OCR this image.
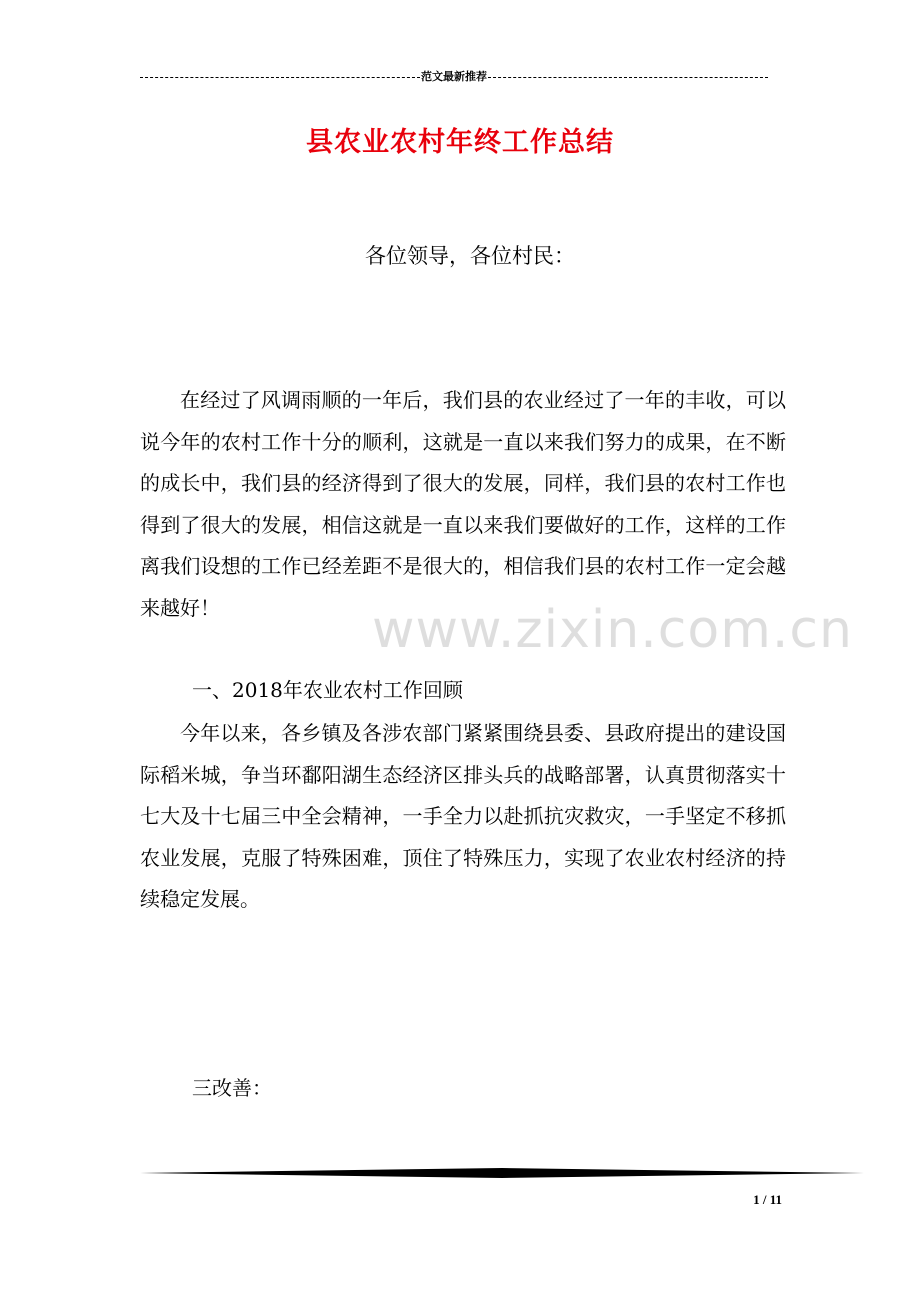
范文最新推荐
县农业农村年终工作总结

各位领导，各位村民：

在经过了风调雨顺的一年后，我们县的农业经过了一年的丰收，可以说今年的农村工作十分的顺利，这就是一直以来我们努力的成果，在不断的成长中，我们县的经济得到了很大的发展，同样，我们县的农村工作也得到了很大的发展，相信这就是一直以来我们要做好的工作，这样的工作离我们设想的工作已经差距不是很大的，相信我们县的农村工作一定会越来越好！	www.zixin.com.cn

一、2018年农业农村工作回顾

今年以来，各乡镇及各涉农部门紧紧围绕县委、县政府提出的建设国际稻米城，争当环鄱阳湖生态经济区排头兵的战略部署，认真贯彻落实十七大及十七届三中全会精神，一手全力以赴抓抗灾救灾，一手坚定不移抓农业发展，克服了特殊困难，顶住了特殊压力，实现了农业农村经济的持续稳定发展。

三改善：

1 / 11
